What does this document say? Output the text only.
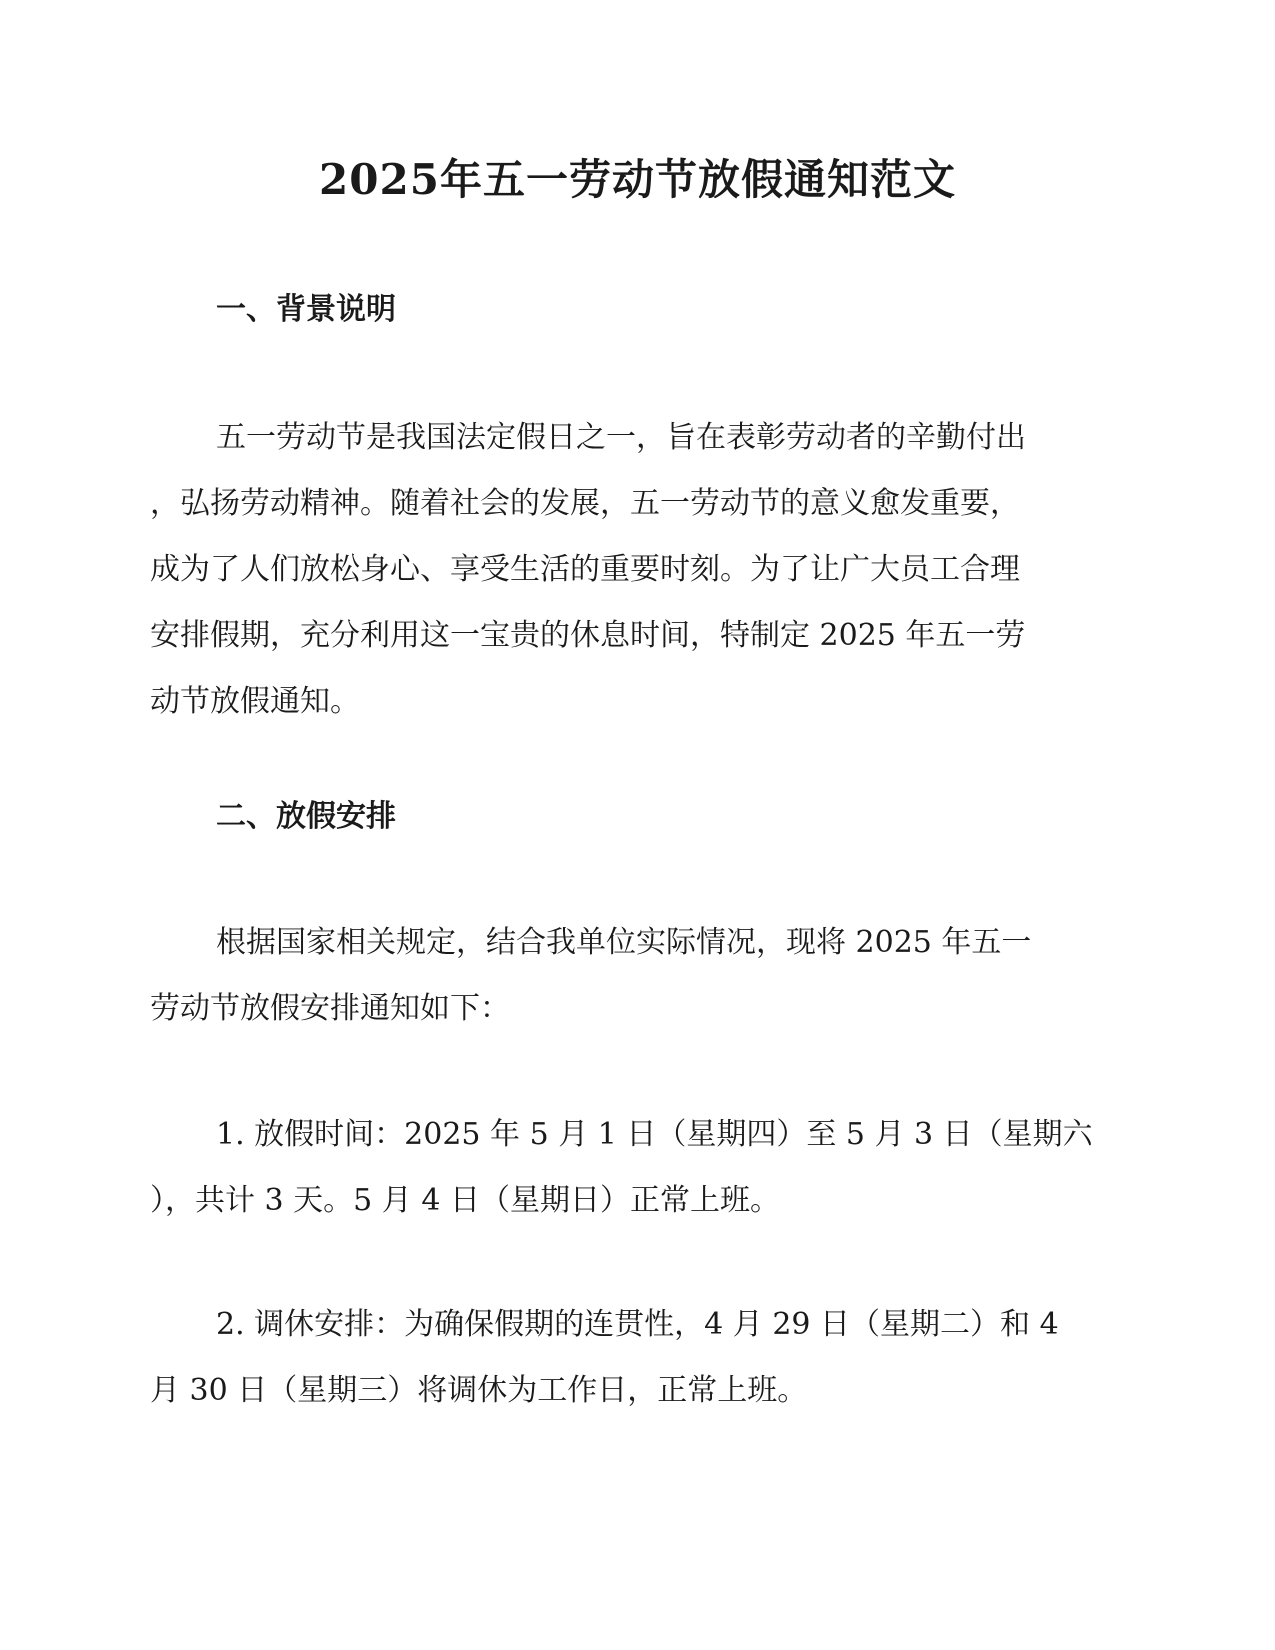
2025年五一劳动节放假通知范文
一、背景说明
五一劳动节是我国法定假日之一，旨在表彰劳动者的辛勤付出
，弘扬劳动精神。随着社会的发展，五一劳动节的意义愈发重要，
成为了人们放松身心、享受生活的重要时刻。为了让广大员工合理
安排假期，充分利用这一宝贵的休息时间，特制定 2025 年五一劳
动节放假通知。
二、放假安排
根据国家相关规定，结合我单位实际情况，现将 2025 年五一
劳动节放假安排通知如下：
1. 放假时间：2025 年 5 月 1 日（星期四）至 5 月 3 日（星期六
），共计 3 天。5 月 4 日（星期日）正常上班。
2. 调休安排：为确保假期的连贯性，4 月 29 日（星期二）和 4
月 30 日（星期三）将调休为工作日，正常上班。
